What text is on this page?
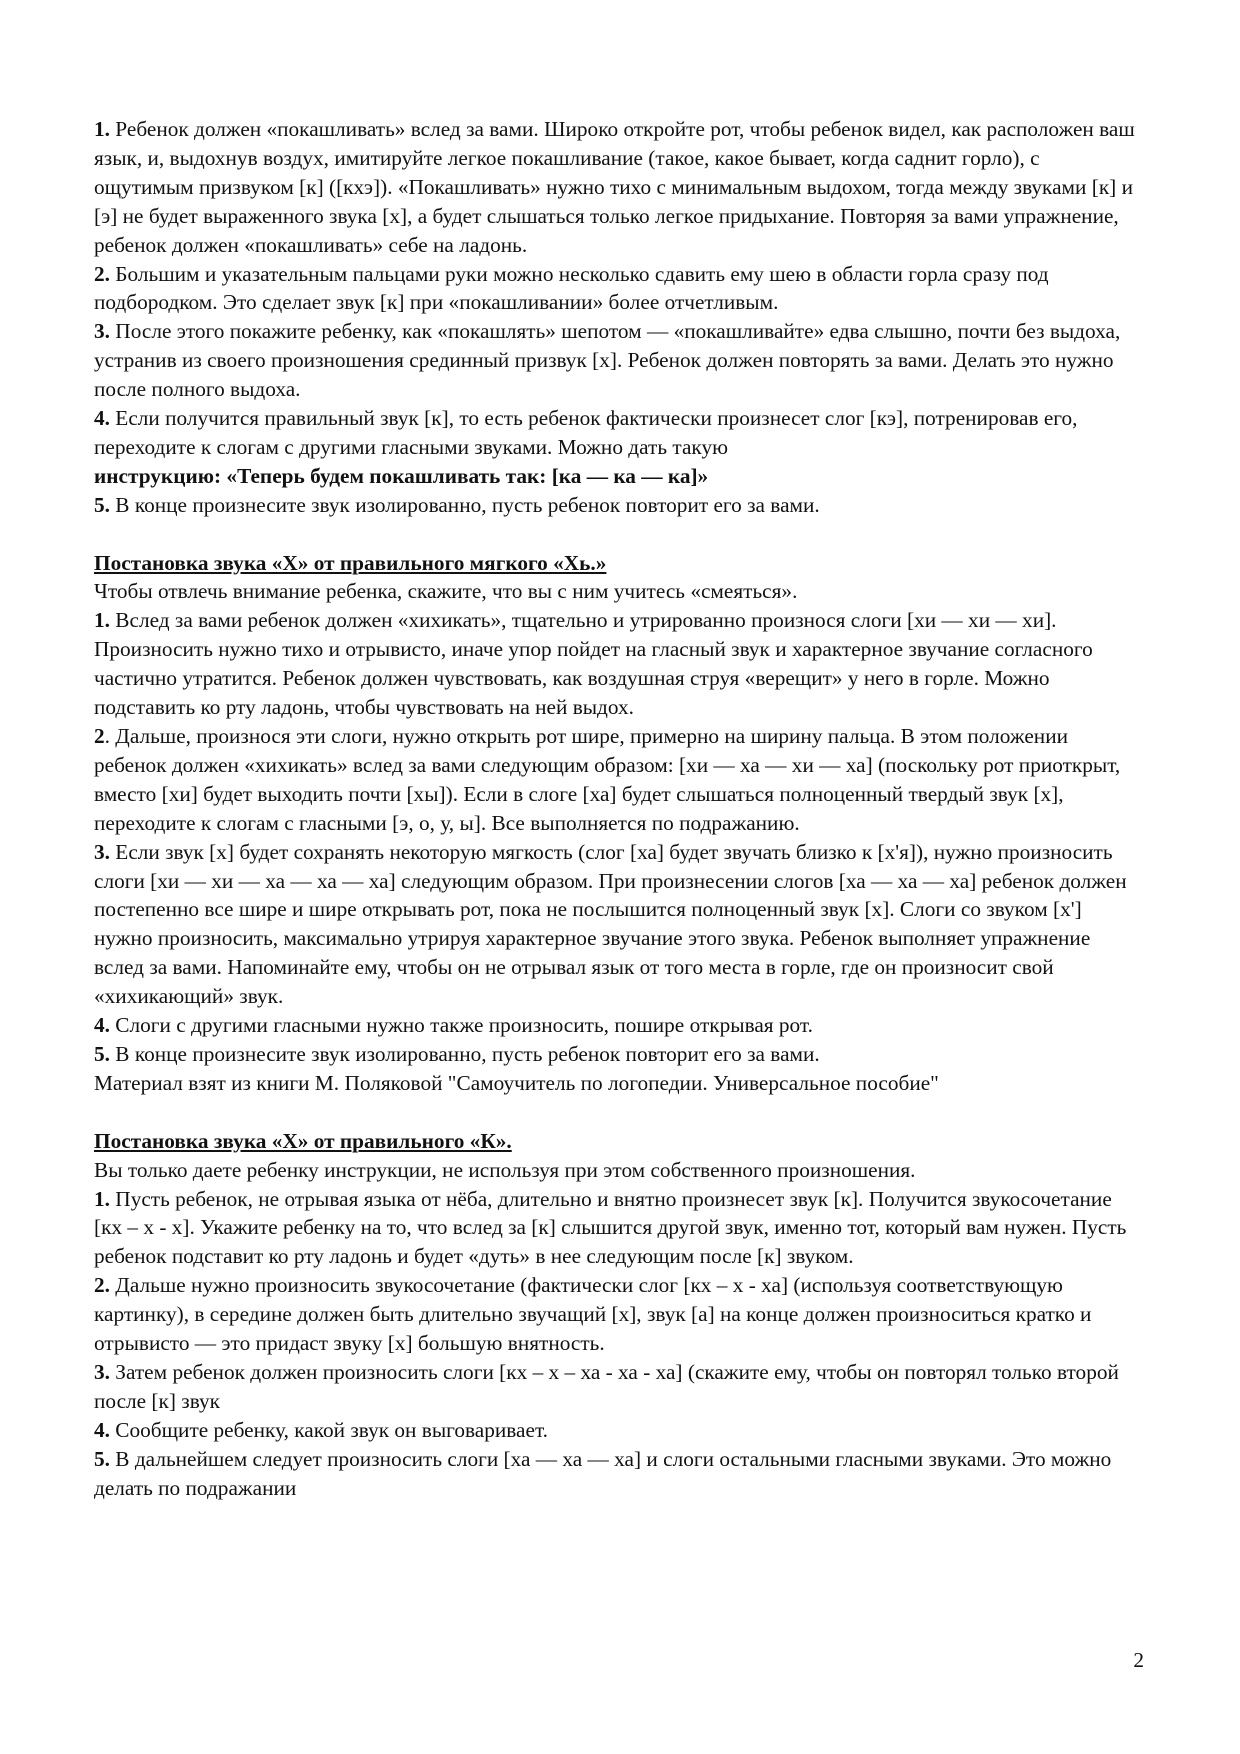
1. Ребенок должен «покашливать» вслед за вами. Широко откройте рот, чтобы ребенок видел, как расположен ваш язык, и, выдохнув воздух, имитируйте легкое покашливание (такое, какое бывает, когда саднит горло), с ощутимым призвуком [к] ([кхэ]). «Покашливать» нужно тихо с минимальным выдохом, тогда между звуками [к] и [э] не будет выраженного звука [х], а будет слышаться только легкое придыхание. Повторяя за вами упражнение, ребенок должен «покашливать» себе на ладонь.

2. Большим и указательным пальцами руки можно несколько сдавить ему шею в области горла сразу под подбородком. Это сделает звук [к] при «покашливании» более отчетливым.

3. После этого покажите ребенку, как «покашлять» шепотом — «покашливайте» едва слышно, почти без выдоха, устранив из своего произношения срединный призвук [х]. Ребенок должен повторять за вами. Делать это нужно после полного выдоха.

4. Если получится правильный звук [к], то есть ребенок фактически произнесет слог [кэ], потренировав его, переходите к слогам с другими гласными звуками. Можно дать такую

инструкцию: «Теперь будем покашливать так: [ка — ка — ка]»

5. В конце произнесите звук изолированно, пусть ребенок повторит его за вами.

Постановка звука «Х» от правильного мягкого «Хь.»

Чтобы отвлечь внимание ребенка, скажите, что вы с ним учитесь «смеяться».

1. Вслед за вами ребенок должен «хихикать», тщательно и утрированно произнося слоги [хи — хи — хи]. Произносить нужно тихо и отрывисто, иначе упор пойдет на гласный звук и характерное звучание согласного частично утратится. Ребенок должен чувствовать, как воздушная струя «верещит» у него в горле. Можно подставить ко рту ладонь, чтобы чувствовать на ней выдох.

2. Дальше, произнося эти слоги, нужно открыть рот шире, примерно на ширину пальца. В этом положении ребенок должен «хихикать» вслед за вами следующим образом: [хи — ха — хи — ха] (поскольку рот приоткрыт, вместо [хи] будет выходить почти [хы]). Если в слоге [ха] будет слышаться полноценный твердый звук [х], переходите к слогам с гласными [э, о, у, ы]. Все выполняется по подражанию.

3. Если звук [х] будет сохранять некоторую мягкость (слог [ха] будет звучать близко к [х'я]), нужно произносить слоги [хи — хи — ха — ха — ха] следующим образом. При произнесении слогов [ха — ха — ха] ребенок должен постепенно все шире и шире открывать рот, пока не послышится полноценный звук [х]. Слоги со звуком [х'] нужно произносить, максимально утрируя характерное звучание этого звука. Ребенок выполняет упражнение вслед за вами. Напоминайте ему, чтобы он не отрывал язык от того места в горле, где он произносит свой «хихикающий» звук.

4. Слоги с другими гласными нужно также произносить, пошире открывая рот.

5. В конце произнесите звук изолированно, пусть ребенок повторит его за вами.

Материал взят из книги М. Поляковой "Самоучитель по логопедии. Универсальное пособие"

Постановка звука «Х» от правильного «К».

Вы только даете ребенку инструкции, не используя при этом собственного произношения.

1. Пусть ребенок, не отрывая языка от нёба, длительно и внятно произнесет звук [к]. Получится звукосочетание [кх – х - х]. Укажите ребенку на то, что вслед за [к] слышится другой звук, именно тот, который вам нужен. Пусть ребенок подставит ко рту ладонь и будет «дуть» в нее следующим после [к] звуком.

2. Дальше нужно произносить звукосочетание (фактически слог [кх – х - ха] (используя соответствующую картинку), в середине должен быть длительно звучащий [х], звук [а] на конце должен произноситься кратко и отрывисто — это придаст звуку [х] большую внятность.

3. Затем ребенок должен произносить слоги [кх – х – ха - ха - ха] (скажите ему, чтобы он повторял только второй после [к] звук

4. Сообщите ребенку, какой звук он выговаривает.

5. В дальнейшем следует произносить слоги [ха — ха — ха] и слоги остальными гласными звуками. Это можно делать по подражании

2
